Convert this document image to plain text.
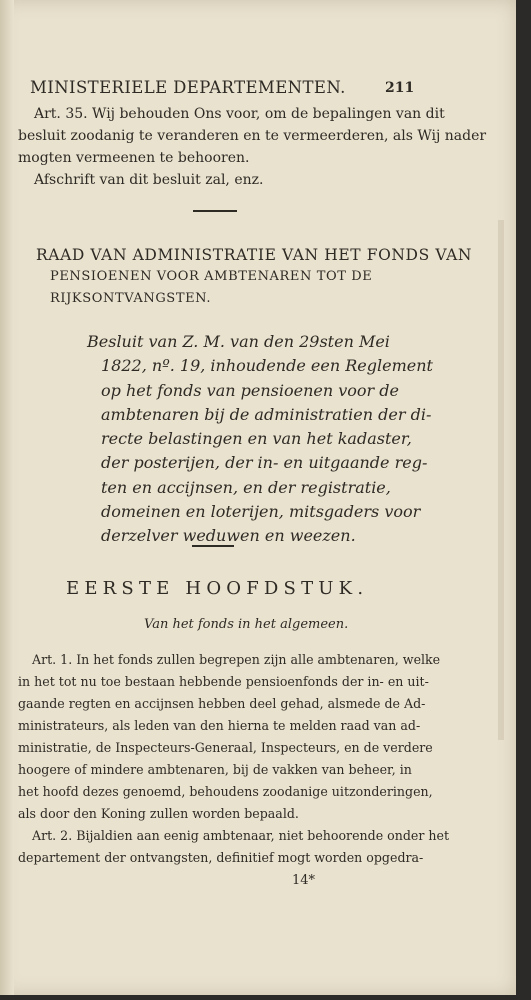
MINISTERIELE DEPARTEMENTEN.	211
Art. 35. Wij behouden Ons voor, om de bepalingen van dit
besluit zoodanig te veranderen en te vermeerderen, als Wij nader
mogten vermeenen te behooren.
Afschrift van dit besluit zal, enz.
RAAD VAN ADMINISTRATIE VAN HET FONDS VAN
PENSIOENEN VOOR AMBTENAREN TOT DE
RIJKSONTVANGSTEN.
Besluit van Z. M. van den 29sten Mei
1822, nº. 19, inhoudende een Reglement
op het fonds van pensioenen voor de
ambtenaren bij de administratien der di-
recte belastingen en van het kadaster,
der posterijen, der in- en uitgaande reg-
ten en accijnsen, en der registratie,
domeinen en loterijen, mitsgaders voor
derzelver weduwen en weezen.
EERSTE HOOFDSTUK.
Van het fonds in het algemeen.
Art. 1. In het fonds zullen begrepen zijn alle ambtenaren, welke
in het tot nu toe bestaan hebbende pensioenfonds der in- en uit-
gaande regten en accijnsen hebben deel gehad, alsmede de Ad-
ministrateurs, als leden van den hierna te melden raad van ad-
ministratie, de Inspecteurs-Generaal, Inspecteurs, en de verdere
hoogere of mindere ambtenaren, bij de vakken van beheer, in
het hoofd dezes genoemd, behoudens zoodanige uitzonderingen,
als door den Koning zullen worden bepaald.
Art. 2. Bijaldien aan eenig ambtenaar, niet behoorende onder het
departement der ontvangsten, definitief mogt worden opgedra-
14*
